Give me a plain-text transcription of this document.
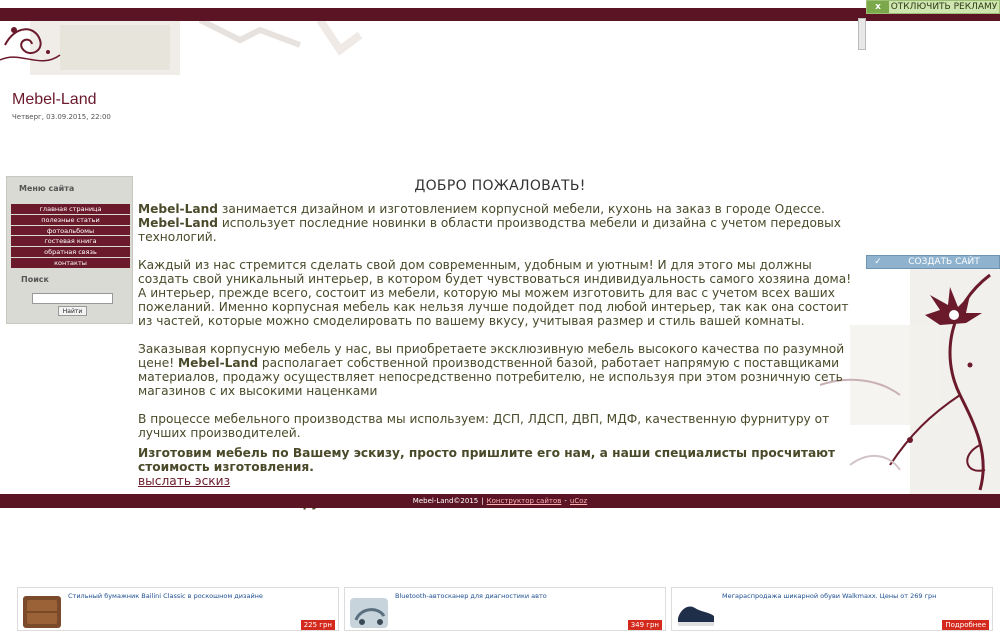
x	ОТКЛЮЧИТЬ РЕКЛАМУ
Mebel-Land
Четверг, 03.09.2015, 22:00
Меню сайта
главная страница
полезные статьи
фотоальбомы
гостевая книга
обратная связь
контакты
Поиск
Найти
✓	СОЗДАТЬ САЙТ

ДОБРО ПОЖАЛОВАТЬ!

Mebel-Land занимается дизайном и изготовлением корпусной мебели, кухонь на заказ в городе Одессе. Mebel-Land использует последние новинки в области производства мебели и дизайна с учетом передовых технологий.

Каждый из нас стремится сделать свой дом современным, удобным и уютным! И для этого мы должны создать свой уникальный интерьер, в котором будет чувствоваться индивидуальность самого хозяина дома! А интерьер, прежде всего, состоит из мебели, которую мы можем изготовить для вас с учетом всех ваших пожеланий. Именно корпусная мебель как нельзя лучше подойдет под любой интерьер, так как она состоит из частей, которые можно смоделировать по вашему вкусу, учитывая размер и стиль вашей комнаты.

Заказывая корпусную мебель у нас, вы приобретаете эксклюзивную мебель высокого качества по разумной цене! Mebel-Land располагает собственной производственной базой, работает напрямую с поставщиками материалов, продажу осуществляет непосредственно потребителю, не используя при этом розничную сеть магазинов с их высокими наценками

В процессе мебельного производства мы используем: ДСП, ЛДСП, ДВП, МДФ, качественную фурнитуру от лучших производителей.

Изготовим мебель по Вашему эскизу, просто пришлите его нам, а наши специалисты просчитают стоимость изготовления.

выслать эскиз

Mebel-Land©2015 | Конструктор сайтов - uCoz
Стильный бумажник Bailini Classic в роскошном дизайне
225 грн
Bluetooth-автосканер для диагностики авто
349 грн
Мегараспродажа шикарной обуви Walkmaxx. Цены от 269 грн
Подробнее
